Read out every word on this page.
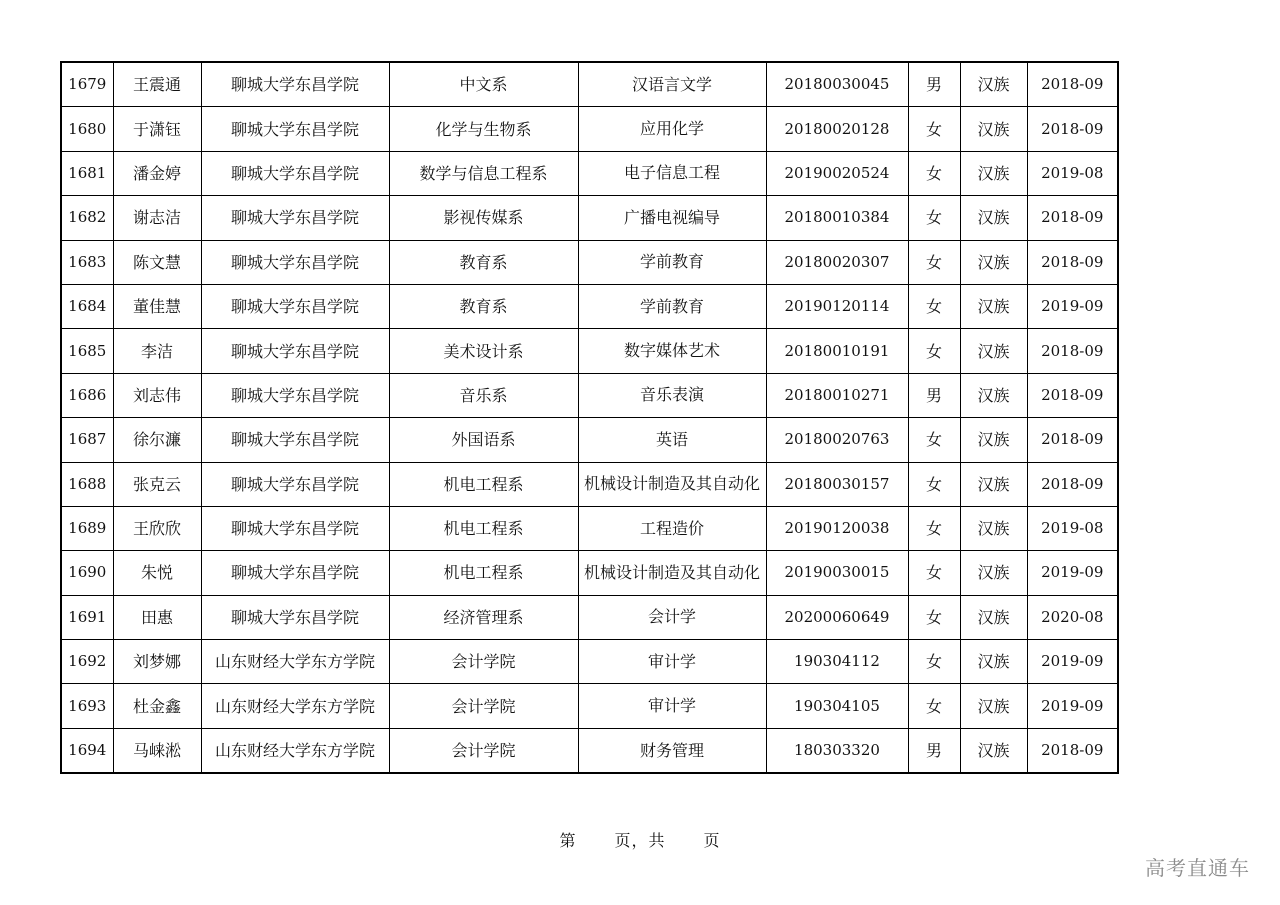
1679	王震通	聊城大学东昌学院	中文系	汉语言文学	20180030045	男	汉族	2018-09
1680	于潇钰	聊城大学东昌学院	化学与生物系	应用化学	20180020128	女	汉族	2018-09
1681	潘金婷	聊城大学东昌学院	数学与信息工程系	电子信息工程	20190020524	女	汉族	2019-08
1682	谢志洁	聊城大学东昌学院	影视传媒系	广播电视编导	20180010384	女	汉族	2018-09
1683	陈文慧	聊城大学东昌学院	教育系	学前教育	20180020307	女	汉族	2018-09
1684	董佳慧	聊城大学东昌学院	教育系	学前教育	20190120114	女	汉族	2019-09
1685	李洁	聊城大学东昌学院	美术设计系	数字媒体艺术	20180010191	女	汉族	2018-09
1686	刘志伟	聊城大学东昌学院	音乐系	音乐表演	20180010271	男	汉族	2018-09
1687	徐尔濂	聊城大学东昌学院	外国语系	英语	20180020763	女	汉族	2018-09
1688	张克云	聊城大学东昌学院	机电工程系	机械设计制造及其自动化	20180030157	女	汉族	2018-09
1689	王欣欣	聊城大学东昌学院	机电工程系	工程造价	20190120038	女	汉族	2019-08
1690	朱悦	聊城大学东昌学院	机电工程系	机械设计制造及其自动化	20190030015	女	汉族	2019-09
1691	田惠	聊城大学东昌学院	经济管理系	会计学	20200060649	女	汉族	2020-08
1692	刘梦娜	山东财经大学东方学院	会计学院	审计学	190304112	女	汉族	2019-09
1693	杜金鑫	山东财经大学东方学院	会计学院	审计学	190304105	女	汉族	2019-09
1694	马崃淞	山东财经大学东方学院	会计学院	财务管理	180303320	男	汉族	2018-09
第 页，共 页
高考直通车
